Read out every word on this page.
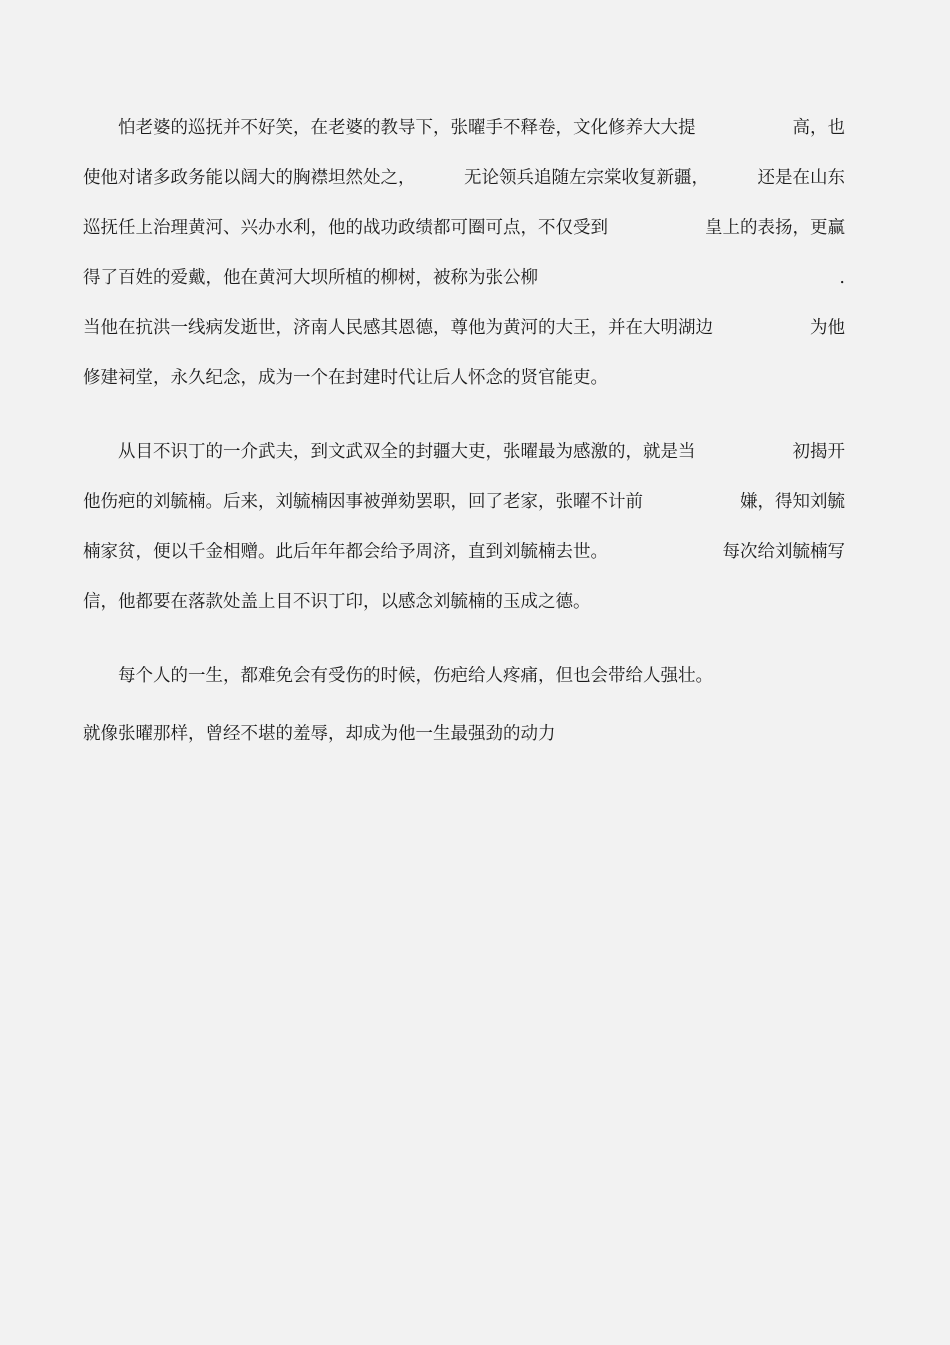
　　怕老婆的巡抚并不好笑，在老婆的教导下，张曜手不释卷，文化修养大大提	高，也
使他对诸多政务能以阔大的胸襟坦然处之，	无论领兵追随左宗棠收复新疆，	还是在山东
巡抚任上治理黄河、兴办水利，他的战功政绩都可圈可点，不仅受到	皇上的表扬，更赢
得了百姓的爱戴，他在黄河大坝所植的柳树，被称为张公柳	.
当他在抗洪一线病发逝世，济南人民感其恩德，尊他为黄河的大王，并在大明湖边	为他
修建祠堂，永久纪念，成为一个在封建时代让后人怀念的贤官能吏。
　　从目不识丁的一介武夫，到文武双全的封疆大吏，张曜最为感激的，就是当	初揭开
他伤疤的刘毓楠。后来，刘毓楠因事被弹劾罢职，回了老家，张曜不计前	嫌，得知刘毓
楠家贫，便以千金相赠。此后年年都会给予周济，直到刘毓楠去世。	每次给刘毓楠写
信，他都要在落款处盖上目不识丁印，以感念刘毓楠的玉成之德。
　　每个人的一生，都难免会有受伤的时候，伤疤给人疼痛，但也会带给人强壮。
就像张曜那样，曾经不堪的羞辱，却成为他一生最强劲的动力
